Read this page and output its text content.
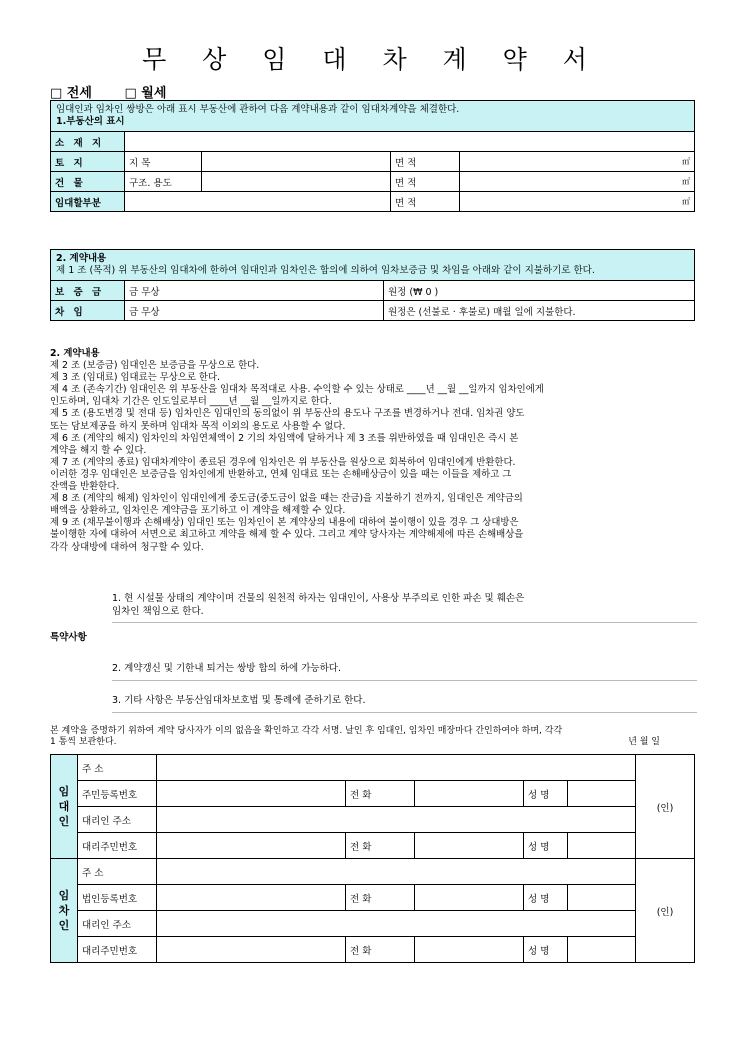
무 상 임 대 차 계 약 서
□ 전세	□ 월세
임대인과 임차인 쌍방은 아래 표시 부동산에 관하여 다음 계약내용과 같이 임대차계약을 체결한다.
1.부동산의 표시				

소 재 지				
토 지	지 목		면 적	㎡
건 물	구조. 용도		면 적	㎡
임대할부분			면 적	㎡
2. 계약내용
제 1 조 (목적) 위 부동산의 임대차에 한하여 임대인과 임차인은 합의에 의하여 임차보증금 및 차임을 아래와 같이 지불하기로 한다.		

보 증 금	금 무상	원정 (₩ 0 )
차 임	금 무상	원정은 (선불로 · 후불로) 매월 일에 지불한다.

2. 계약내용

제 2 조 (보증금) 임대인은 보증금을 무상으로 한다.

제 3 조 (임대료) 임대료는 무상으로 한다.

제 4 조 (존속기간) 임대인은 위 부동산을 임대차 목적대로 사용. 수익할 수 있는 상태로 ____년 __월 __일까지 임차인에게

인도하며, 임대차 기간은 인도일로부터 ____년 __월 __일까지로 한다.

제 5 조 (용도변경 및 전대 등) 임차인은 임대인의 동의없이 위 부동산의 용도나 구조를 변경하거나 전대. 임차권 양도

또는 담보제공을 하지 못하며 임대차 목적 이외의 용도로 사용할 수 없다.

제 6 조 (계약의 해지) 임차인의 차임연체액이 2 기의 차임액에 달하거나 제 3 조를 위반하였을 때 임대인은 즉시 본

계약을 해지 할 수 있다.

제 7 조 (계약의 종료) 임대차계약이 종료된 경우에 임차인은 위 부동산을 원상으로 회복하여 임대인에게 반환한다.

이러한 경우 임대인은 보증금을 임차인에게 반환하고, 연체 임대료 또는 손해배상금이 있을 때는 이들을 제하고 그

잔액을 반환한다.

제 8 조 (계약의 해제) 임차인이 임대인에게 중도금(중도금이 없을 때는 잔금)을 지불하기 전까지, 임대인은 계약금의

배액을 상환하고, 임차인은 계약금을 포기하고 이 계약을 해제할 수 있다.

제 9 조 (채무불이행과 손해배상) 임대인 또는 임차인이 본 계약상의 내용에 대하여 불이행이 있을 경우 그 상대방은

불이행한 자에 대하여 서면으로 최고하고 계약을 해제 할 수 있다. 그리고 계약 당사자는 계약해제에 따른 손해배상을

각각 상대방에 대하여 청구할 수 있다.

특약사항
1. 현 시설물 상태의 계약이며 건물의 원천적 하자는 임대인이, 사용상 부주의로 인한 파손 및 훼손은
임차인 책임으로 한다.
2. 계약갱신 및 기한내 퇴거는 쌍방 합의 하에 가능하다.
3. 기타 사항은 부동산임대차보호법 및 통례에 준하기로 한다.
본 계약을 증명하기 위하여 계약 당사자가 이의 없음을 확인하고 각각 서명. 날인 후 임대인, 임차인 매장마다 간인하여야 하며, 각각
1 통씩 보관한다.	년 월 일
임
대
인	주 소						(인)
	주민등록번호		전 화		성 명		
	대리인 주소						
	대리주민번호		전 화		성 명		
임
차
인	주 소						(인)
	법인등록번호		전 화		성 명		
	대리인 주소						
	대리주민번호		전 화		성 명		
